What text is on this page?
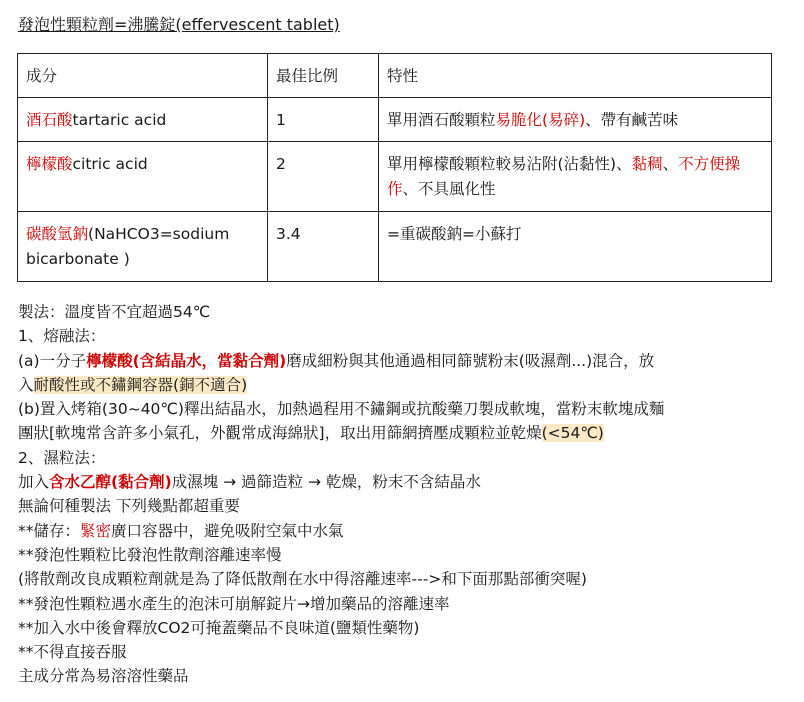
發泡性顆粒劑=沸騰錠(effervescent tablet)
成分	最佳比例	特性
酒石酸tartaric acid	1	單用酒石酸顆粒易脆化(易碎)、帶有鹹苦味
檸檬酸citric acid	2	單用檸檬酸顆粒較易沾附(沾黏性)、黏稠、不方便操作、不具風化性
碳酸氫鈉(NaHCO3=sodium bicarbonate )	3.4	=重碳酸鈉=小蘇打
製法：溫度皆不宜超過54℃
1、熔融法：
(a)一分子檸檬酸(含結晶水，當黏合劑)磨成細粉與其他通過相同篩號粉末(吸濕劑...)混合，放
入耐酸性或不鏽鋼容器(銅不適合)
(b)置入烤箱(30~40℃)釋出結晶水，加熱過程用不鏽鋼或抗酸藥刀製成軟塊，當粉末軟塊成麵
團狀[軟塊常含許多小氣孔，外觀常成海綿狀]，取出用篩網擠壓成顆粒並乾燥(<54℃)
2、濕粒法：
加入含水乙醇(黏合劑)成濕塊 → 過篩造粒 → 乾燥，粉末不含結晶水
無論何種製法 下列幾點都超重要
**儲存：緊密廣口容器中，避免吸附空氣中水氣
**發泡性顆粒比發泡性散劑溶離速率慢
(將散劑改良成顆粒劑就是為了降低散劑在水中得溶離速率--->和下面那點部衝突喔)
**發泡性顆粒遇水產生的泡沫可崩解錠片→增加藥品的溶離速率
**加入水中後會釋放CO2可掩蓋藥品不良味道(鹽類性藥物)
**不得直接吞服
主成分常為易溶溶性藥品
